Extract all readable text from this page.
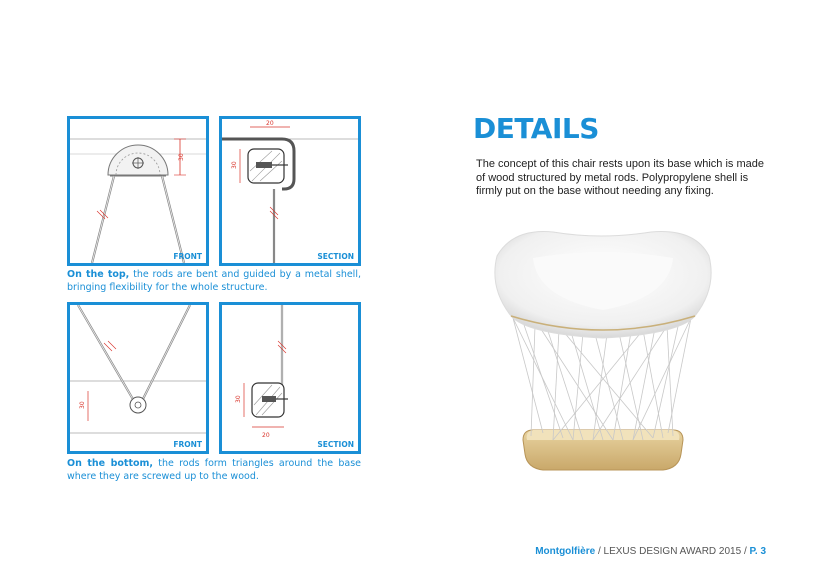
30
FRONT
20
30
SECTION
On the top, the rods are bent and guided by a metal shell, bringing flexibility for the whole structure.
30
FRONT
30
20
SECTION
On the bottom, the rods form triangles around the base where they are screwed up to the wood.
DETAILS
The concept of this chair rests upon its base which is made of wood structured by metal rods. Polypropylene shell is firmly put on the base without needing any fixing.
Montgolfière / LEXUS DESIGN AWARD 2015 / P. 3
